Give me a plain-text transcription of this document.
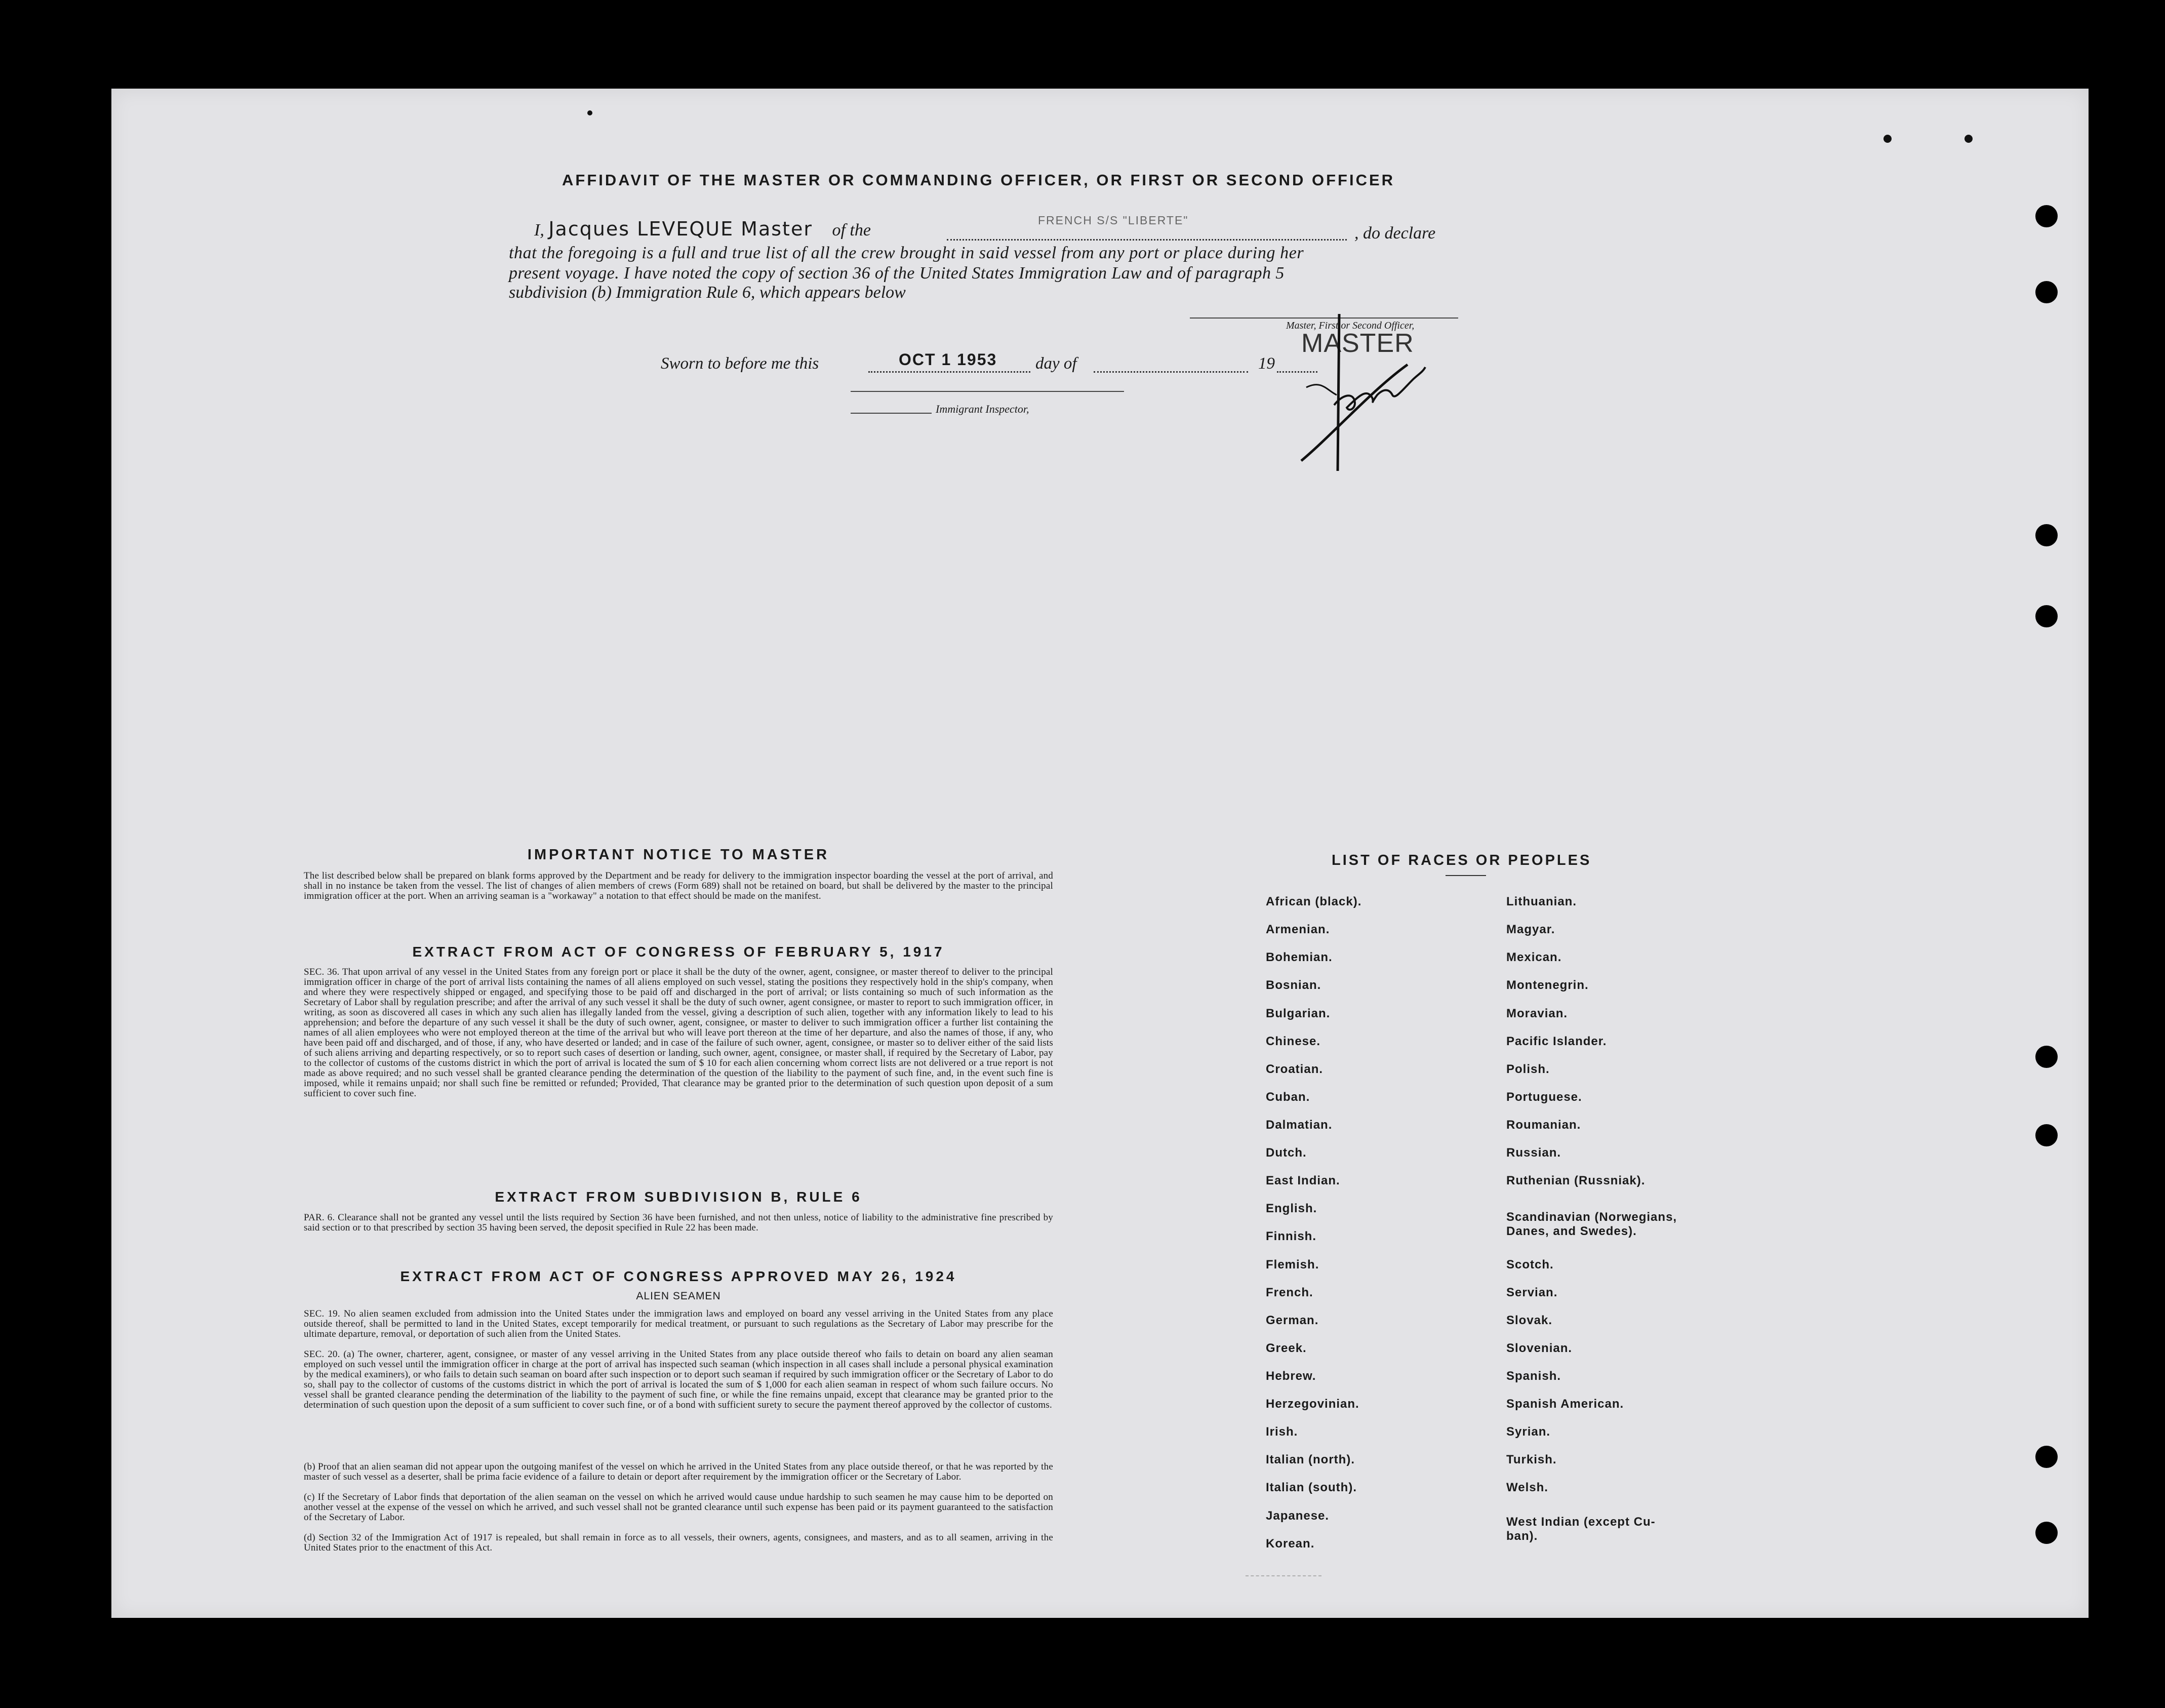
AFFIDAVIT OF THE MASTER OR COMMANDING OFFICER, OR FIRST OR SECOND OFFICER
I, Jacques LEVEQUE Master of the
FRENCH S/S "LIBERTE"
, do declare
that the foregoing is a full and true list of all the crew brought in said vessel from any port or place during her
present voyage. I have noted the copy of section 36 of the United States Immigration Law and of paragraph 5
subdivision (b) Immigration Rule 6, which appears below
Master, First or Second Officer,
MASTER
Sworn to before me this	OCT 1 1953 day of	19
Immigrant Inspector,
IMPORTANT NOTICE TO MASTER
The list described below shall be prepared on blank forms approved by the Department and be ready for delivery to the immigration inspector boarding the vessel at the port of arrival, and shall in no instance be taken from the vessel. The list of changes of alien members of crews (Form 689) shall not be retained on board, but shall be delivered by the master to the principal immigration officer at the port. When an arriving seaman is a "workaway" a notation to that effect should be made on the manifest.
EXTRACT FROM ACT OF CONGRESS OF FEBRUARY 5, 1917
SEC. 36. That upon arrival of any vessel in the United States from any foreign port or place it shall be the duty of the owner, agent, consignee, or master thereof to deliver to the principal immigration officer in charge of the port of arrival lists containing the names of all aliens employed on such vessel, stating the positions they respectively hold in the ship's company, when and where they were respectively shipped or engaged, and specifying those to be paid off and discharged in the port of arrival; or lists containing so much of such information as the Secretary of Labor shall by regulation prescribe; and after the arrival of any such vessel it shall be the duty of such owner, agent consignee, or master to report to such immigration officer, in writing, as soon as discovered all cases in which any such alien has illegally landed from the vessel, giving a description of such alien, together with any information likely to lead to his apprehension; and before the departure of any such vessel it shall be the duty of such owner, agent, consignee, or master to deliver to such immigration officer a further list containing the names of all alien employees who were not employed thereon at the time of the arrival but who will leave port thereon at the time of her departure, and also the names of those, if any, who have been paid off and discharged, and of those, if any, who have deserted or landed; and in case of the failure of such owner, agent, consignee, or master so to deliver either of the said lists of such aliens arriving and departing respectively, or so to report such cases of desertion or landing, such owner, agent, consignee, or master shall, if required by the Secretary of Labor, pay to the collector of customs of the customs district in which the port of arrival is located the sum of $ 10 for each alien concerning whom correct lists are not delivered or a true report is not made as above required; and no such vessel shall be granted clearance pending the determination of the question of the liability to the payment of such fine, and, in the event such fine is imposed, while it remains unpaid; nor shall such fine be remitted or refunded; Provided, That clearance may be granted prior to the determination of such question upon deposit of a sum sufficient to cover such fine.
EXTRACT FROM SUBDIVISION B, RULE 6
PAR. 6. Clearance shall not be granted any vessel until the lists required by Section 36 have been furnished, and not then unless, notice of liability to the administrative fine prescribed by said section or to that prescribed by section 35 having been served, the deposit specified in Rule 22 has been made.
EXTRACT FROM ACT OF CONGRESS APPROVED MAY 26, 1924
ALIEN SEAMEN
SEC. 19. No alien seamen excluded from admission into the United States under the immigration laws and employed on board any vessel arriving in the United States from any place outside thereof, shall be permitted to land in the United States, except temporarily for medical treatment, or pursuant to such regulations as the Secretary of Labor may prescribe for the ultimate departure, removal, or deportation of such alien from the United States.
SEC. 20. (a) The owner, charterer, agent, consignee, or master of any vessel arriving in the United States from any place outside thereof who fails to detain on board any alien seaman employed on such vessel until the immigration officer in charge at the port of arrival has inspected such seaman (which inspection in all cases shall include a personal physical examination by the medical examiners), or who fails to detain such seaman on board after such inspection or to deport such seaman if required by such immigration officer or the Secretary of Labor to do so, shall pay to the collector of customs of the customs district in which the port of arrival is located the sum of $ 1,000 for each alien seaman in respect of whom such failure occurs. No vessel shall be granted clearance pending the determination of the liability to the payment of such fine, or while the fine remains unpaid, except that clearance may be granted prior to the determination of such question upon the deposit of a sum sufficient to cover such fine, or of a bond with sufficient surety to secure the payment thereof approved by the collector of customs.
(b) Proof that an alien seaman did not appear upon the outgoing manifest of the vessel on which he arrived in the United States from any place outside thereof, or that he was reported by the master of such vessel as a deserter, shall be prima facie evidence of a failure to detain or deport after requirement by the immigration officer or the Secretary of Labor.
(c) If the Secretary of Labor finds that deportation of the alien seaman on the vessel on which he arrived would cause undue hardship to such seamen he may cause him to be deported on another vessel at the expense of the vessel on which he arrived, and such vessel shall not be granted clearance until such expense has been paid or its payment guaranteed to the satisfaction of the Secretary of Labor.
(d) Section 32 of the Immigration Act of 1917 is repealed, but shall remain in force as to all vessels, their owners, agents, consignees, and masters, and as to all seamen, arriving in the United States prior to the enactment of this Act.
LIST OF RACES OR PEOPLES
African (black).
Armenian.
Bohemian.
Bosnian.
Bulgarian.
Chinese.
Croatian.
Cuban.
Dalmatian.
Dutch.
East Indian.
English.
Finnish.
Flemish.
French.
German.
Greek.
Hebrew.
Herzegovinian.
Irish.
Italian (north).
Italian (south).
Japanese.
Korean.
Lithuanian.
Magyar.
Mexican.
Montenegrin.
Moravian.
Pacific Islander.
Polish.
Portuguese.
Roumanian.
Russian.
Ruthenian (Russniak).
Scandinavian (Norwegians,
Danes, and Swedes).
Scotch.
Servian.
Slovak.
Slovenian.
Spanish.
Spanish American.
Syrian.
Turkish.
Welsh.
West Indian (except Cu-
ban).
